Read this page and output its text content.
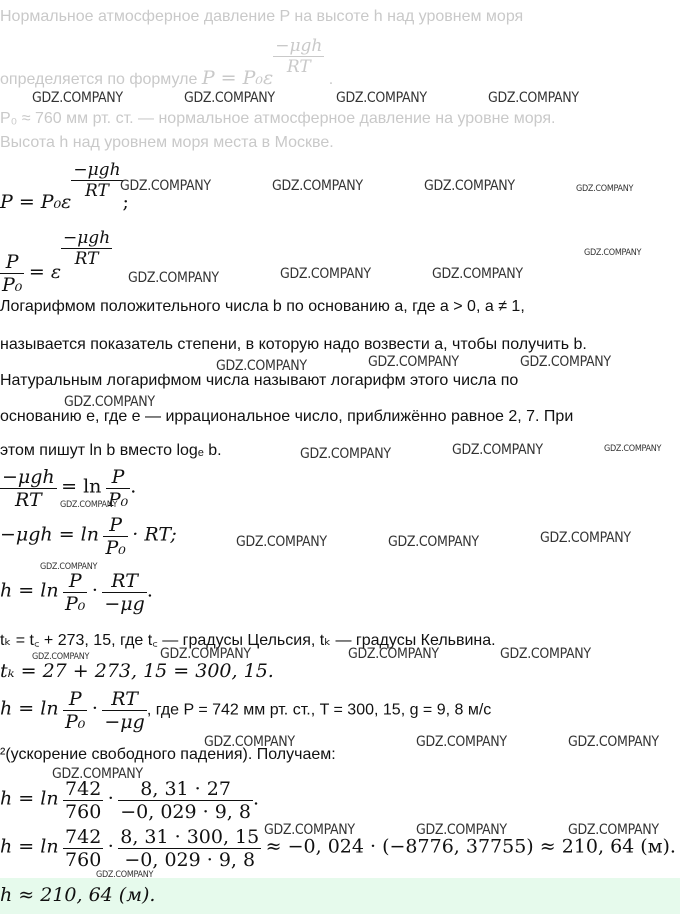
Нормальное атмосферное давление P на высоте h над уровнем моря
определяется по формуле P = P₀ε
$\frac{\text{−μgh}}{RT}$
.
P₀ ≈ 760 мм рт. ст. — нормальное атмосферное давление на уровне моря.
Высота h над уровнем моря места в Москве.
P = P₀ε
$\frac{\text{−μgh}}{RT}$
;
$\frac{P}{\text{P₀}} = \varepsilon$
$\frac{\text{−μgh}}{RT}$
Логарифмом положительного числа b по основанию a, где a > 0, a ≠ 1,
называется показатель степени, в которую надо возвести a, чтобы получить b.
Натуральным логарифмом числа называют логарифм этого числа по
основанию e, где e — иррациональное число, приближённо равное 2, 7. При
этом пишут ln b вместо logₑ b.
$\frac{\text{−μgh}}{RT} = \ln \frac{P}{\text{P₀}}$ .
$-\mu gh = \ln \frac{P}{\text{P₀}}$ · RT;
$h = \ln \frac{P}{\text{P₀}} \cdot \frac{RT}{-\mu g}$ .
tₖ = t꜀ + 273, 15, где t꜀ — градусы Цельсия, tₖ — градусы Кельвина.
tₖ = 27 + 273, 15 = 300, 15.
$h = \ln \frac{P}{\text{P₀}} \cdot \frac{RT}{-\mu g}$ , где P = 742 мм рт. ст., T = 300, 15, g = 9, 8 м/с
²(ускорение свободного падения). Получаем:
$h = \ln \frac{742}{760} \cdot \frac{8, 31 \cdot 27}{-0, 029 \cdot 9, 8}$ .
$h = \ln \frac{742}{760} \cdot \frac{8, 31 \cdot 300, 15}{-0, 029 \cdot 9, 8} \approx -0$, 024 · (−8776, 37755) ≈ 210, 64 (м).
h ≈ 210, 64 (м).
GDZ.COMPANY	GDZ.COMPANY	GDZ.COMPANY	GDZ.COMPANY
GDZ.COMPANY	GDZ.COMPANY	GDZ.COMPANY	GDZ.COMPANY
GDZ.COMPANY
GDZ.COMPANY	GDZ.COMPANY	GDZ.COMPANY
GDZ.COMPANY	GDZ.COMPANY	GDZ.COMPANY
GDZ.COMPANY
GDZ.COMPANY	GDZ.COMPANY	GDZ.COMPANY
GDZ.COMPANY
GDZ.COMPANY	GDZ.COMPANY	GDZ.COMPANY
GDZ.COMPANY
GDZ.COMPANY	GDZ.COMPANY	GDZ.COMPANY	GDZ.COMPANY
GDZ.COMPANY	GDZ.COMPANY	GDZ.COMPANY
GDZ.COMPANY
GDZ.COMPANY	GDZ.COMPANY	GDZ.COMPANY
GDZ.COMPANY
